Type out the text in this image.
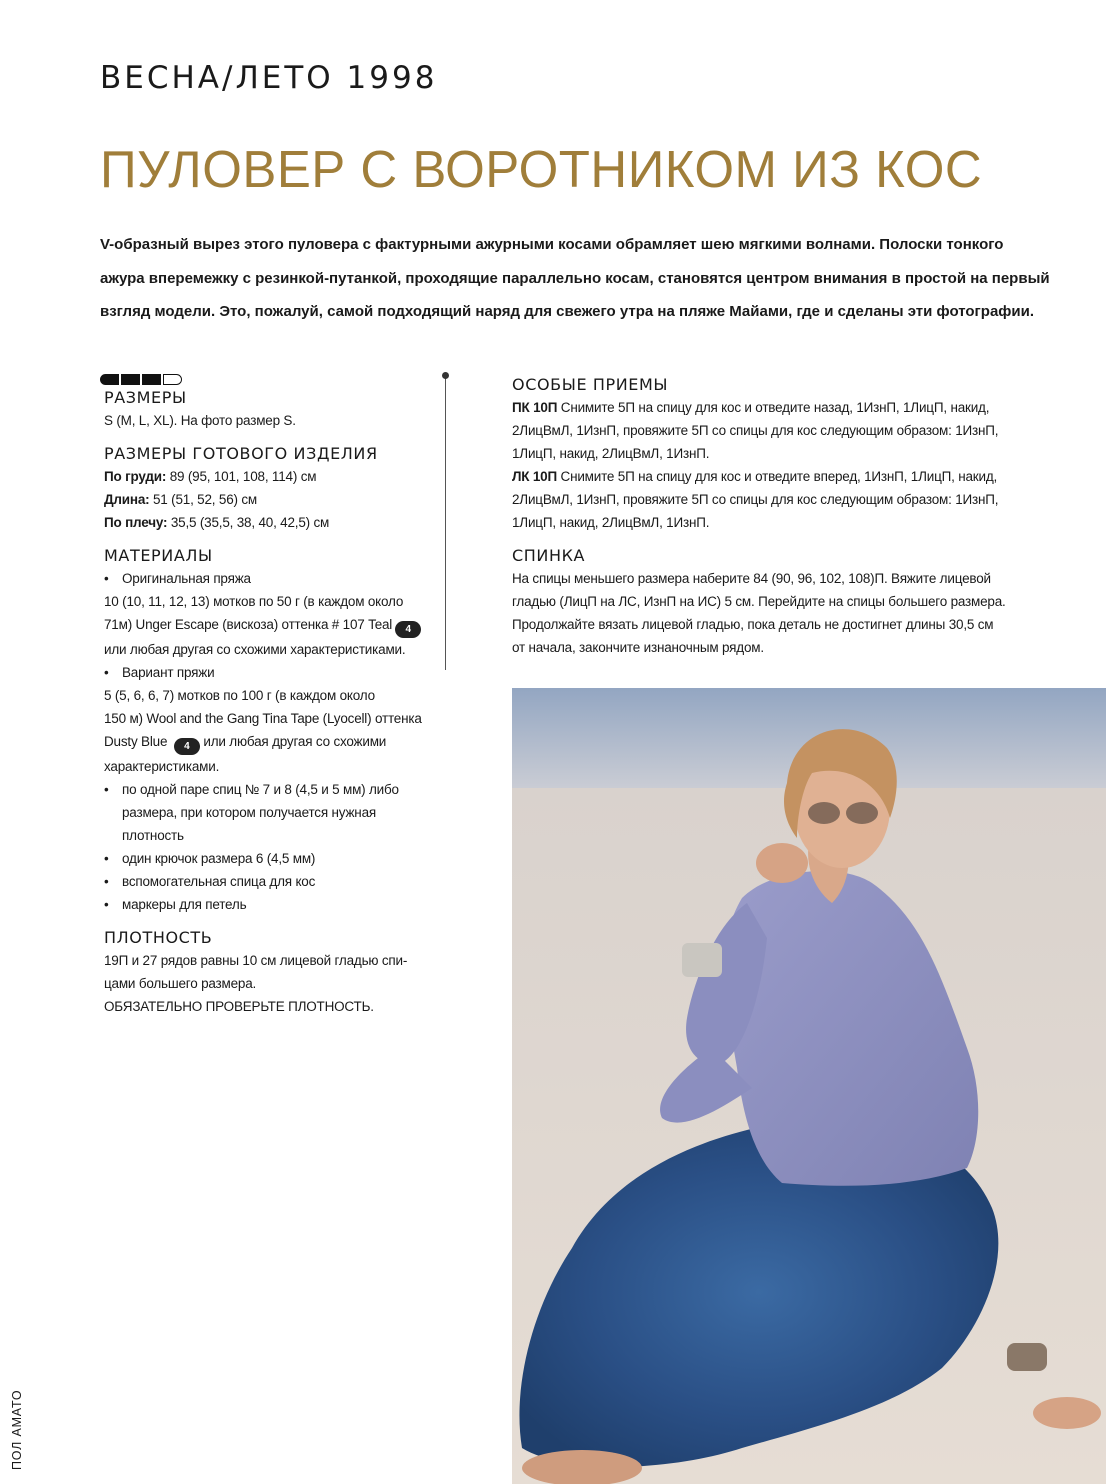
ВЕСНА/ЛЕТО 1998
ПУЛОВЕР С ВОРОТНИКОМ ИЗ КОС
V-образный вырез этого пуловера с фактурными ажурными косами обрамляет шею мягкими волнами. Полоски тонкого
ажура вперемежку с резинкой-путанкой, проходящие параллельно косам, становятся центром внимания в простой на первый
взгляд модели. Это, пожалуй, самой подходящий наряд для свежего утра на пляже Майами, где и сделаны эти фотографии.

РАЗМЕРЫ

S (M, L, XL). На фото размер S.

РАЗМЕРЫ ГОТОВОГО ИЗДЕЛИЯ

По груди: 89 (95, 101, 108, 114) см
Длина: 51 (51, 52, 56) см
По плечу: 35,5 (35,5, 38, 40, 42,5) см

МАТЕРИАЛЫ

• Оригинальная пряжа
10 (10, 11, 12, 13) мотков по 50 г (в каждом около
71м) Unger Escape (вискоза) оттенка # 107 Teal 4
или любая другая со схожими характеристиками.
• Вариант пряжи
5 (5, 6, 6, 7) мотков по 100 г (в каждом около
150 м) Wool and the Gang Tina Tape (Lyocell) оттенка
Dusty Blue 4 или любая другая со схожими
характеристиками.
• по одной паре спиц № 7 и 8 (4,5 и 5 мм) либо
размера, при котором получается нужная
плотность
• один крючок размера 6 (4,5 мм)
• вспомогательная спица для кос
• маркеры для петель

ПЛОТНОСТЬ

19П и 27 рядов равны 10 см лицевой гладью спи-
цами большего размера.
ОБЯЗАТЕЛЬНО ПРОВЕРЬТЕ ПЛОТНОСТЬ.

ОСОБЫЕ ПРИЕМЫ

ПК 10П Снимите 5П на спицу для кос и отведите назад, 1ИзнП, 1ЛицП, накид,
2ЛицВмЛ, 1ИзнП, провяжите 5П со спицы для кос следующим образом: 1ИзнП,
1ЛицП, накид, 2ЛицВмЛ, 1ИзнП.
ЛК 10П Снимите 5П на спицу для кос и отведите вперед, 1ИзнП, 1ЛицП, накид,
2ЛицВмЛ, 1ИзнП, провяжите 5П со спицы для кос следующим образом: 1ИзнП,
1ЛицП, накид, 2ЛицВмЛ, 1ИзнП.

СПИНКА

На спицы меньшего размера наберите 84 (90, 96, 102, 108)П. Вяжите лицевой
гладью (ЛицП на ЛС, ИзнП на ИС) 5 см. Перейдите на спицы большего размера.
Продолжайте вязать лицевой гладью, пока деталь не достигнет длины 30,5 см
от начала, закончите изнаночным рядом.

ПОЛ АМАТО
